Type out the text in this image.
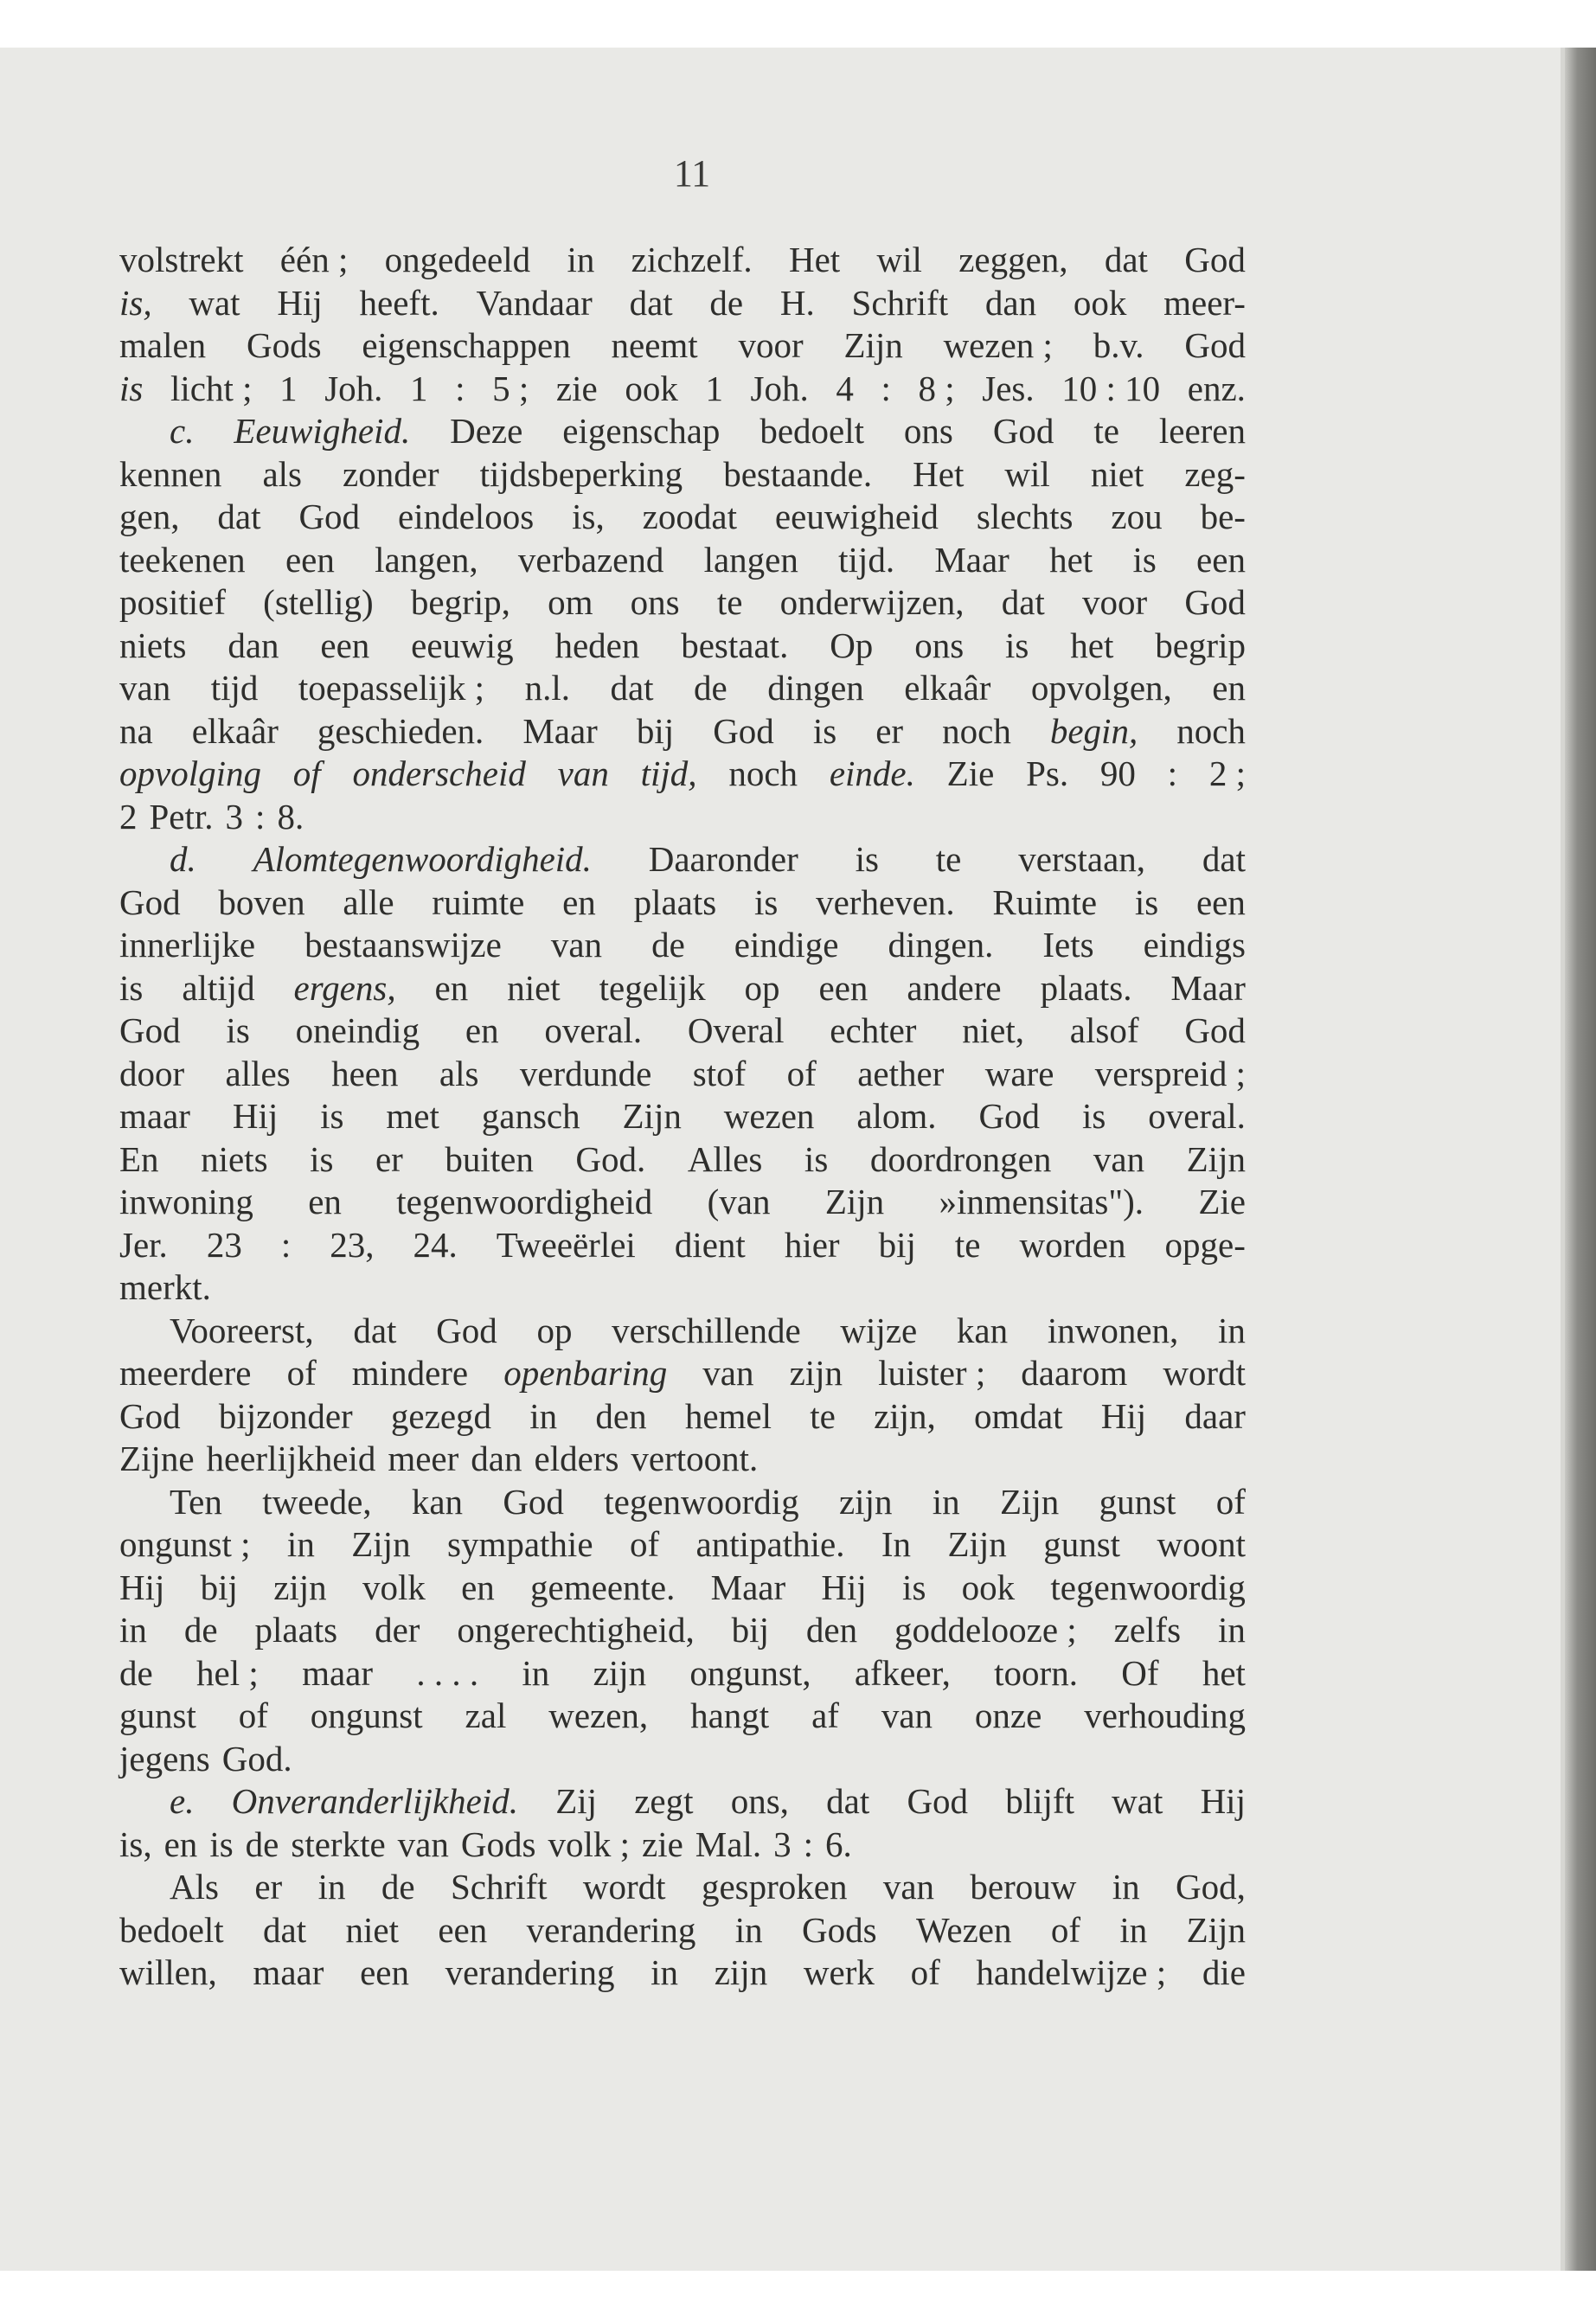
11
volstrekt één ; ongedeeld in zichzelf. Het wil zeggen, dat God
is, wat Hij heeft. Vandaar dat de H. Schrift dan ook meer-
malen Gods eigenschappen neemt voor Zijn wezen ; b.v. God
is licht ; 1 Joh. 1 : 5 ; zie ook 1 Joh. 4 : 8 ; Jes. 10 : 10 enz.
c. Eeuwigheid. Deze eigenschap bedoelt ons God te leeren
kennen als zonder tijdsbeperking bestaande. Het wil niet zeg-
gen, dat God eindeloos is, zoodat eeuwigheid slechts zou be-
teekenen een langen, verbazend langen tijd. Maar het is een
positief (stellig) begrip, om ons te onderwijzen, dat voor God
niets dan een eeuwig heden bestaat. Op ons is het begrip
van tijd toepasselijk ; n.l. dat de dingen elkaâr opvolgen, en
na elkaâr geschieden. Maar bij God is er noch begin, noch
opvolging of onderscheid van tijd, noch einde. Zie Ps. 90 : 2 ;
2 Petr. 3 : 8.
d. Alomtegenwoordigheid. Daaronder is te verstaan, dat
God boven alle ruimte en plaats is verheven. Ruimte is een
innerlijke bestaanswijze van de eindige dingen. Iets eindigs
is altijd ergens, en niet tegelijk op een andere plaats. Maar
God is oneindig en overal. Overal echter niet, alsof God
door alles heen als verdunde stof of aether ware verspreid ;
maar Hij is met gansch Zijn wezen alom. God is overal.
En niets is er buiten God. Alles is doordrongen van Zijn
inwoning en tegenwoordigheid (van Zijn »inmensitas"). Zie
Jer. 23 : 23, 24. Tweeërlei dient hier bij te worden opge-
merkt.
Vooreerst, dat God op verschillende wijze kan inwonen, in
meerdere of mindere openbaring van zijn luister ; daarom wordt
God bijzonder gezegd in den hemel te zijn, omdat Hij daar
Zijne heerlijkheid meer dan elders vertoont.
Ten tweede, kan God tegenwoordig zijn in Zijn gunst of
ongunst ; in Zijn sympathie of antipathie. In Zijn gunst woont
Hij bij zijn volk en gemeente. Maar Hij is ook tegenwoordig
in de plaats der ongerechtigheid, bij den goddelooze ; zelfs in
de hel ; maar . . . . in zijn ongunst, afkeer, toorn. Of het
gunst of ongunst zal wezen, hangt af van onze verhouding
jegens God.
e. Onveranderlijkheid. Zij zegt ons, dat God blijft wat Hij
is, en is de sterkte van Gods volk ; zie Mal. 3 : 6.
Als er in de Schrift wordt gesproken van berouw in God,
bedoelt dat niet een verandering in Gods Wezen of in Zijn
willen, maar een verandering in zijn werk of handelwijze ; die
